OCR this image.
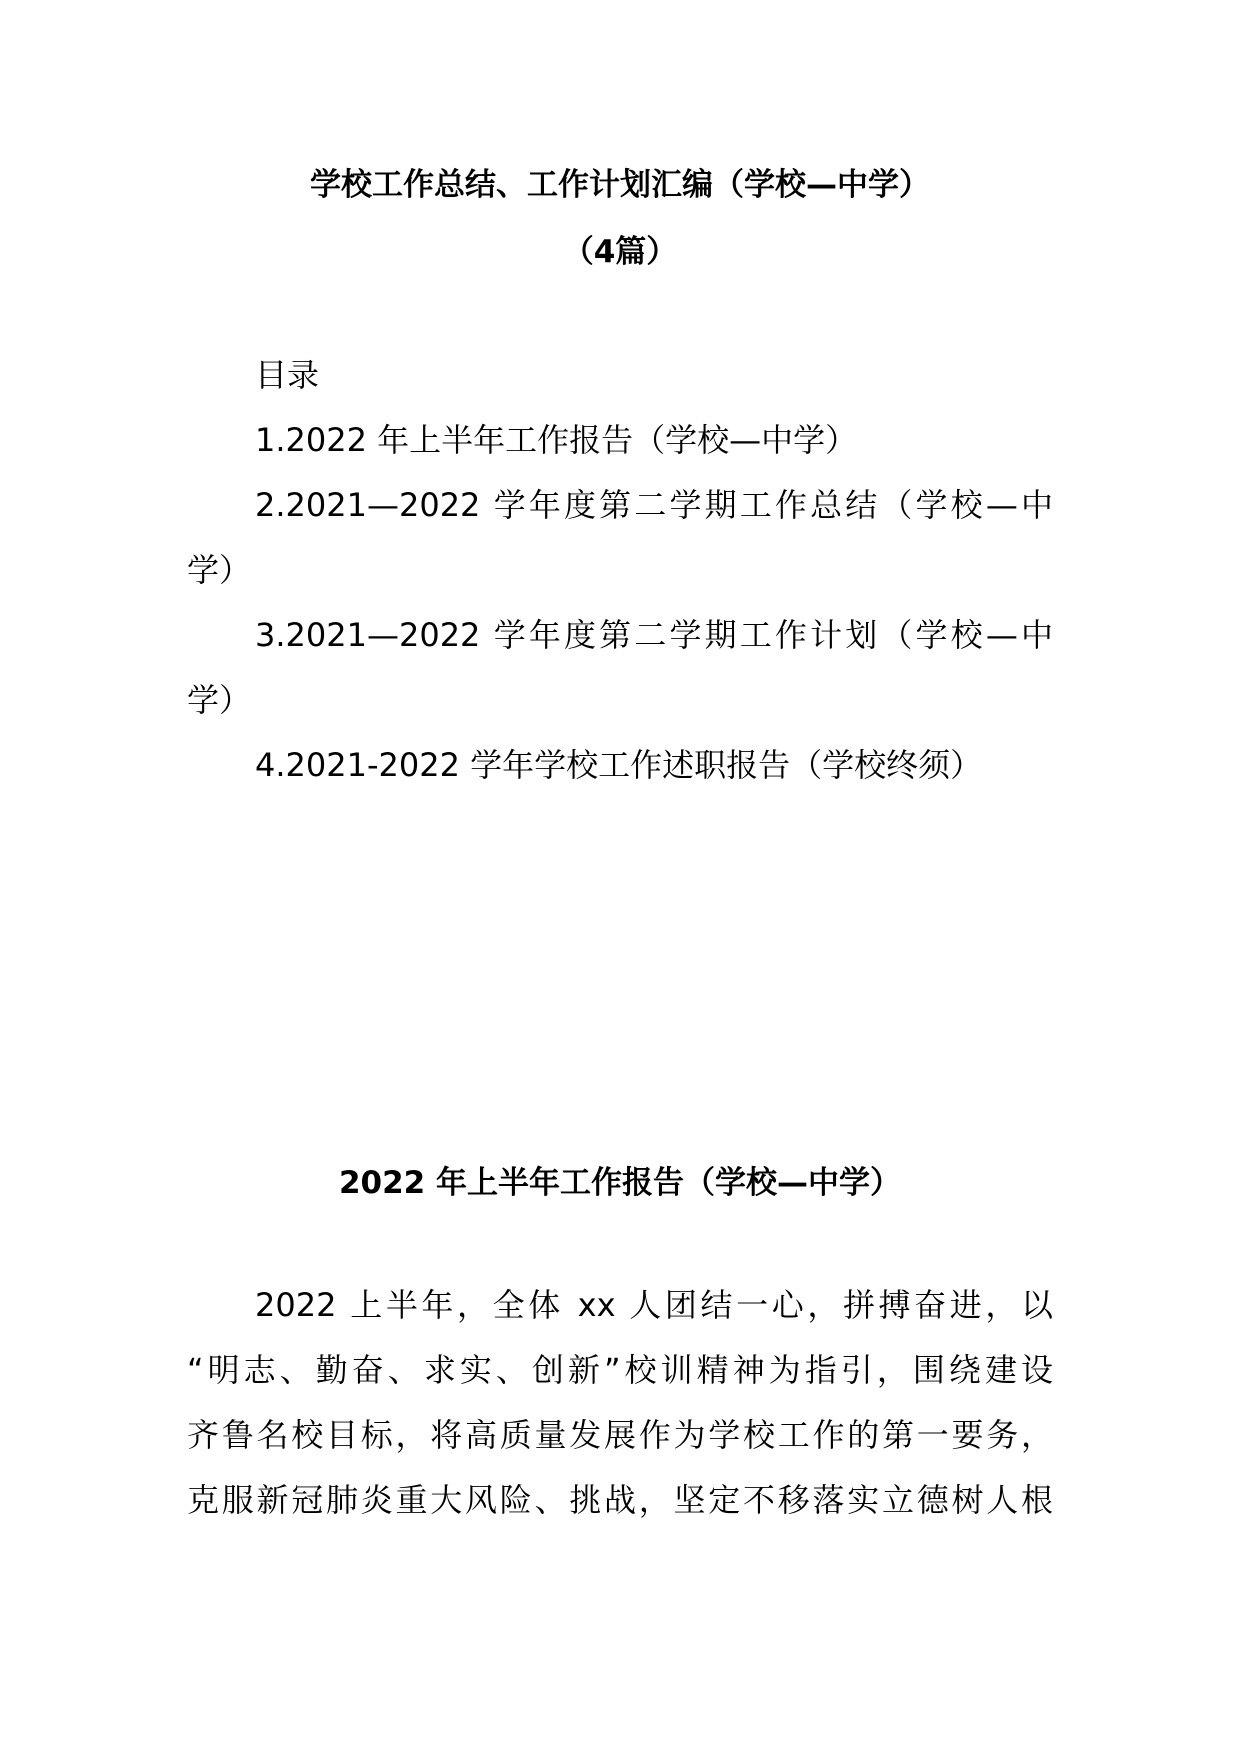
学校工作总结、工作计划汇编（学校—中学）
（4篇）
目录
1.2022 年上半年工作报告（学校—中学）
2.2021—2022 学年度第二学期工作总结（学校—中
学）
3.2021—2022 学年度第二学期工作计划（学校—中
学）
4.2021-2022 学年学校工作述职报告（学校终须）
2022 年上半年工作报告（学校—中学）
2022 上半年，全体 xx 人团结一心，拼搏奋进，以
“明志、勤奋、求实、创新”校训精神为指引，围绕建设
齐鲁名校目标，将高质量发展作为学校工作的第一要务，
克服新冠肺炎重大风险、挑战，坚定不移落实立德树人根
